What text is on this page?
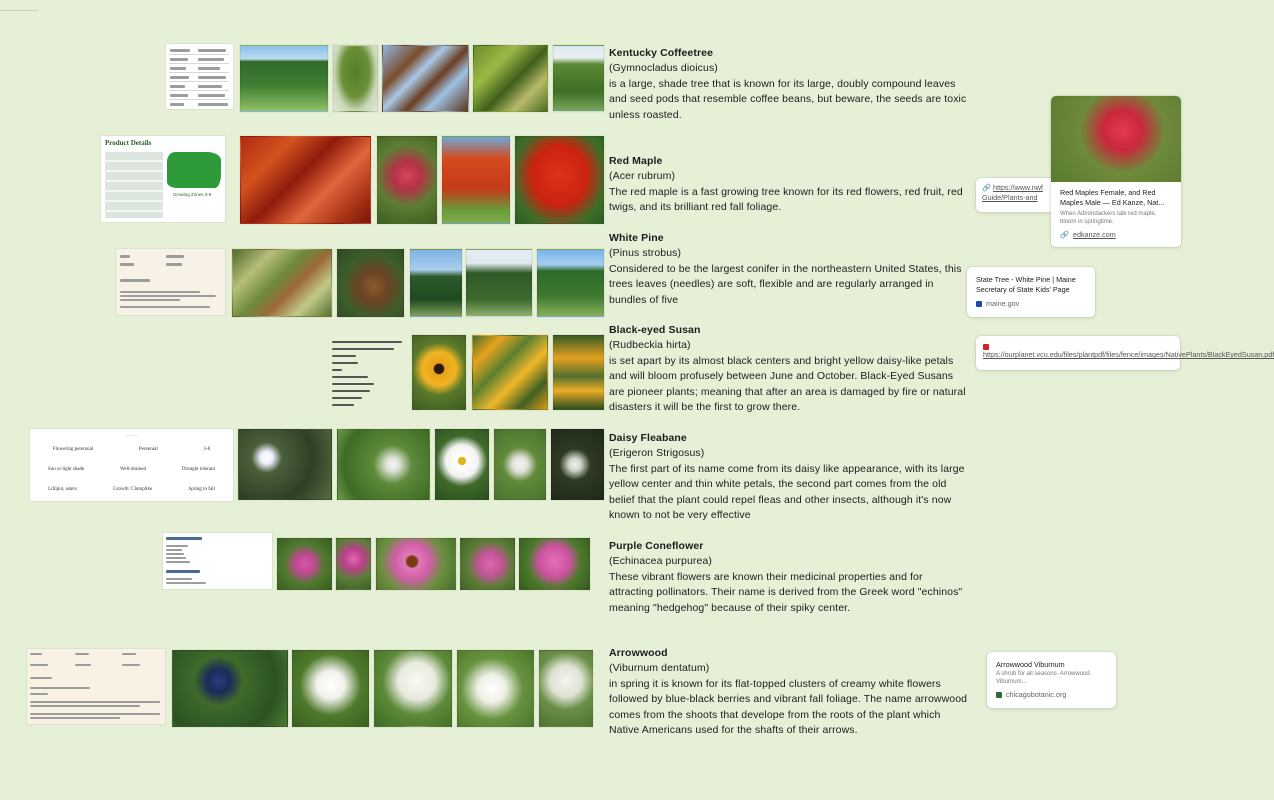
Kentucky Coffeetree
(Gymnocladus dioicus)
is a large, shade tree that is known for its large, doubly compound leaves and seed pods that resemble coffee beans, but beware, the seeds are toxic unless roasted.
Product Details
Growing Zones 3-9
Red Maple
(Acer rubrum)
The red maple is a fast growing tree known for its red flowers, red fruit, red twigs, and its brilliant red fall foliage.
White Pine
(Pinus strobus)
Considered to be the largest conifer in the northeastern United States, this trees leaves (needles) are soft, flexible and are regularly arranged in bundles of five
Black-eyed Susan
(Rudbeckia hirta)
is set apart by its almost black centers and bright yellow daisy-like petals and will bloom profusely between June and October. Black-Eyed Susans are pioneer plants; meaning that after an area is damaged by fire or natural disasters it will be the first to grow there.
———
Flowering perennial	Perennial	3-8
Sun or light shade	Well-drained	Drought tolerant
Lilliput, asters	Growth: Clumplike	Spring to fall
Daisy Fleabane
(Erigeron Strigosus)
The first part of its name come from its daisy like appearance, with its large yellow center and thin white petals, the second part comes from the old belief that the plant could repel fleas and other insects, although it's now known to not be very effective
Purple Coneflower
(Echinacea purpurea)
These vibrant flowers are known their medicinal properties and for attracting pollinators. Their name is derived from the Greek word "echinos" meaning "hedgehog" because of their spiky center.
Arrowwood
(Viburnum dentatum)
in spring it is known for its flat-topped clusters of creamy white flowers followed by blue-black berries and vibrant fall foliage. The name arrowwood comes from the shoots that develope from the roots of the plant which Native Americans used for the shafts of their arrows.
🔗 https://www.nwf
Guide/Plants-and
Red Maples Female, and Red Maples Male — Ed Kanze, Nat...
When Adirondackers talk red maple, bloom in springtime.
🔗 edkanze.com
State Tree - White Pine | Maine Secretary of State Kids' Page
maine.gov
https://ourplanet.vcu.edu/files/plantpdf/files/fence/images/NativePlants/BlackEyedSusan.pdf
Arrowwood Viburnum
A shrub for all seasons. Arrowwood Viburnum...
chicagobotanic.org
